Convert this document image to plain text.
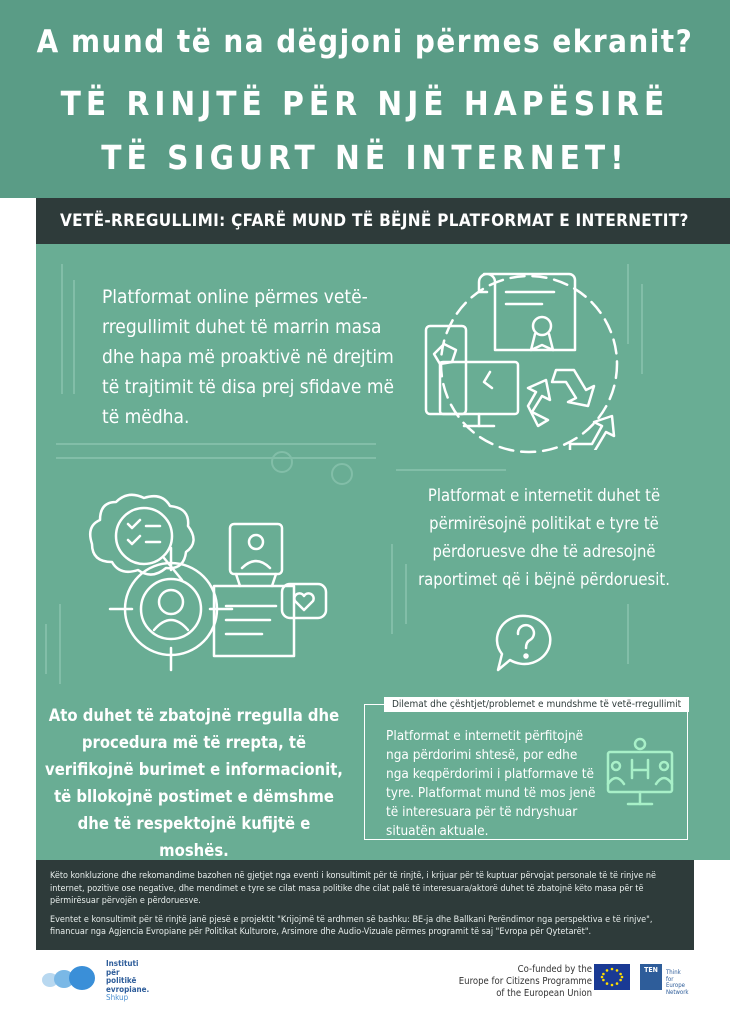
A mund të na dëgjoni përmes ekranit?
TË RINJTË PËR NJË HAPËSIRË
TË SIGURT NË INTERNET!
VETË-RREGULLIMI: ÇFARË MUND TË BËJNË PLATFORMAT E INTERNETIT?
Platformat online përmes vetë-rregullimit duhet të marrin masa dhe hapa më proaktivë në drejtim të trajtimit të disa prej sfidave më të mëdha.
Platformat e internetit duhet të përmirësojnë politikat e tyre të përdoruesve dhe të adresojnë raportimet që i bëjnë përdoruesit.
Ato duhet të zbatojnë rregulla dhe procedura më të rrepta, të verifikojnë burimet e informacionit, të bllokojnë postimet e dëmshme dhe të respektojnë kufijtë e moshës.
Dilemat dhe çështjet/problemet e mundshme të vetë-rregullimit
Platformat e internetit përfitojnë nga përdorimi shtesë, por edhe nga keqpërdorimi i platformave të tyre. Platformat mund të mos jenë të interesuara për të ndryshuar situatën aktuale.

Këto konkluzione dhe rekomandime bazohen në gjetjet nga eventi i konsultimit për të rinjtë, i krijuar për të kuptuar përvojat personale të të rinjve në internet, pozitive ose negative, dhe mendimet e tyre se cilat masa politike dhe cilat palë të interesuara/aktorë duhet të zbatojnë këto masa për të përmirësuar përvojën e përdoruesve.

Eventet e konsultimit për të rinjtë janë pjesë e projektit "Krijojmë të ardhmen së bashku: BE-ja dhe Ballkani Perëndimor nga perspektiva e të rinjve", financuar nga Agjencia Evropiane për Politikat Kulturore, Arsimore dhe Audio-Vizuale përmes programit të saj "Evropa për Qytetarët".

Instituti
për
politikë
evropiane.
Shkup
Co-funded by the
Europe for Citizens Programme
of the European Union
TEN	Think
for
Europe
Network
